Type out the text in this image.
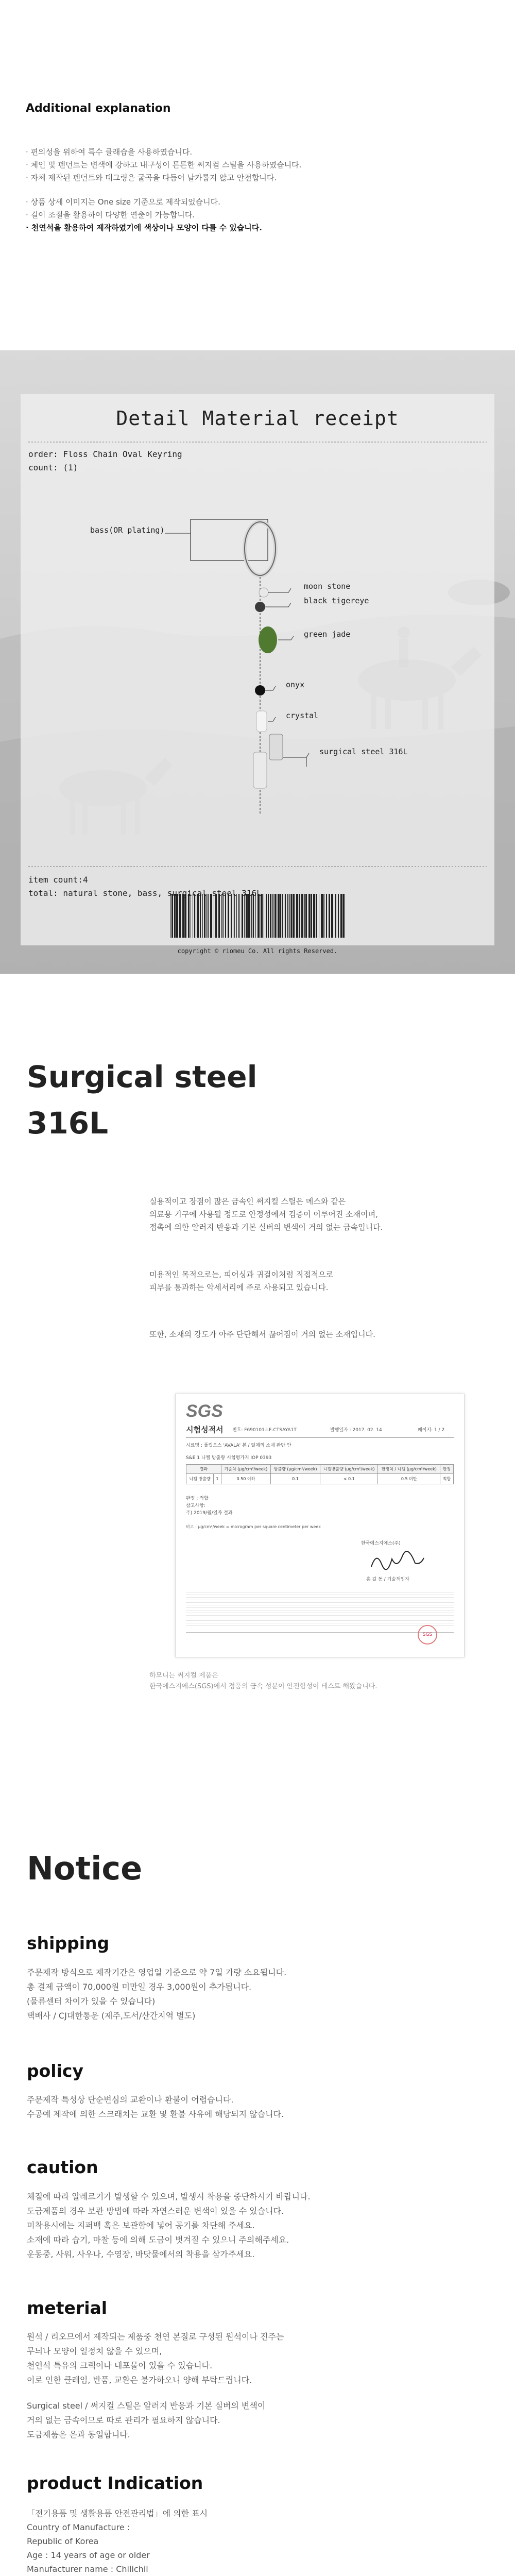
Additional explanation
· 편의성을 위하여 특수 클래습을 사용하였습니다.
· 체인 및 펜던트는 변색에 강하고 내구성이 튼튼한 써지컬 스틸을 사용하였습니다.
· 자체 제작된 펜던트와 태그링은 굴곡을 다듬어 날카롭지 않고 안전합니다.
· 상품 상세 이미지는 One size 기준으로 제작되었습니다.
· 길이 조절을 활용하여 다양한 연출이 가능합니다.
· 천연석을 활용하여 제작하였기에 색상이나 모양이 다를 수 있습니다.
Detail Material receipt
order: Floss Chain Oval Keyring
count: (1)
bass(OR plating)
moon stone
black tigereye
green jade
onyx
crystal
surgical steel 316L
item count:4
total: natural stone, bass, surgical steel 316L
copyright © riomeu Co. All rights Reserved.
Surgical steel
316L
실용적이고 장점이 많은 금속인 써지컬 스틸은 메스와 같은
의료용 기구에 사용될 정도로 안정성에서 검증이 이루어진 소재이며,
접촉에 의한 알러지 반응과 기본 실버의 변색이 거의 없는 금속입니다.
미용적인 목적으로는, 피어싱과 귀걸이처럼 직접적으로
피부를 통과하는 악세서리에 주로 사용되고 있습니다.
또한, 소재의 강도가 아주 단단해서 끊어짐이 거의 없는 소재입니다.
SGS
시험성적서 번호: F690101-LF-CTSAYA1T	발행일자 : 2017. 02. 14	페이지: 1 / 2
시료명 : 폴립오스 'AVALA' 본 / 일체의 소재 판단 안
S&E 1 니켈 방출량 시험평가지 IOP 0393
결과		기준치 (µg/cm²/week)	방출량 (µg/cm²/week)	니켈방출량 (µg/cm²/week)	판정치 / 니켈 (µg/cm²/week)	판정
니켈 방출량	1	0.50 이하	0.1	< 0.1	0.5 미만	적합
판정 : 적합
참고사항:
주) 2019/월/일자 결과
비고 : µg/cm²/week = microgram per square centimeter per week
한국에스지에스(주)
홍 길 동 / 기술책임자
SGS
하모니는 써지컬 제품은
한국에스지에스(SGS)에서 정품의 금속 성분이 안전함성이 테스트 해왔습니다.
Notice
shipping
주문제작 방식으로 제작기간은 영업일 기준으로 약 7일 가량 소요됩니다.
총 결제 금액이 70,000원 미만일 경우 3,000원이 추가됩니다.
(물류센터 차이가 있을 수 있습니다)
택배사 / CJ대한통운 (제주,도서/산간지역 별도)
policy
주문제작 특성상 단순변심의 교환이나 환불이 어렵습니다.
수공예 제작에 의한 스크래치는 교환 및 환불 사유에 해당되지 않습니다.
caution
체질에 따라 알레르기가 발생할 수 있으며, 발생시 착용을 중단하시기 바랍니다.
도금제품의 경우 보관 방법에 따라 자연스러운 변색이 있을 수 있습니다.
미착용시에는 지퍼백 혹은 보관함에 넣어 공기를 차단해 주세요.
소재에 따라 습기, 마찰 등에 의해 도금이 벗겨질 수 있으니 주의해주세요.
운동중, 사워, 사우나, 수영장, 바닷물에서의 착용을 삼가주세요.
meterial
원석 / 리오므에서 제작되는 제품중 천연 본질로 구성된 원석이나 진주는
무늬나 모양이 일정치 않을 수 있으며,
천연석 특유의 크랙이나 내포물이 있을 수 있습니다.
이로 인한 클레임, 반품, 교환은 불가하오니 양해 부탁드립니다.
Surgical steel / 써지컬 스틸은 알러지 반응과 기본 실버의 변색이
거의 없는 금속이므로 따로 관리가 필요하지 않습니다.
도금제품은 은과 동일합니다.
product Indication
「전기용품 및 생활용품 안전관리법」에 의한 표시
Country of Manufacture :
Republic of Korea
Age : 14 years of age or older
Manufacturer name : Chilichil
